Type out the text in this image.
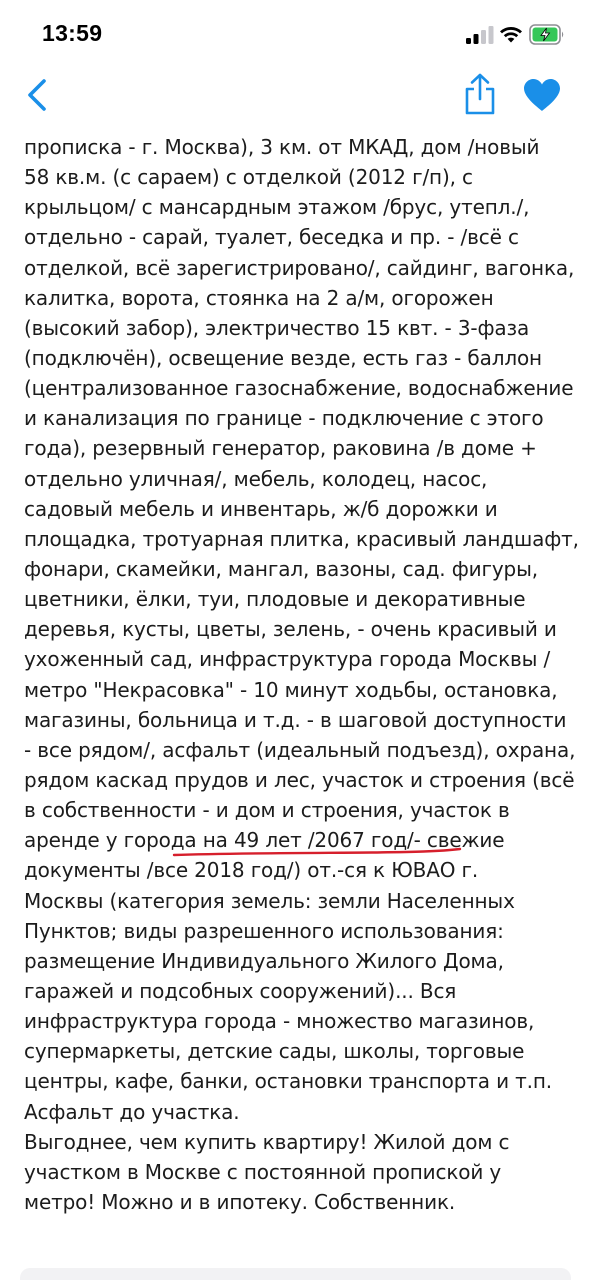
13:59
прописка - г. Москва), 3 км. от МКАД, дом /новый
58 кв.м. (с сараем) с отделкой (2012 г/п), с
крыльцом/ с мансардным этажом /брус, утепл./,
отдельно - сарай, туалет, беседка и пр. - /всё с
отделкой, всё зарегистрировано/, сайдинг, вагонка,
калитка, ворота, стоянка на 2 а/м, огорожен
(высокий забор), электричество 15 квт. - 3-фаза
(подключён), освещение везде, есть газ - баллон
(централизованное газоснабжение, водоснабжение
и канализация по границе - подключение с этого
года), резервный генератор, раковина /в доме +
отдельно уличная/, мебель, колодец, насос,
садовый мебель и инвентарь, ж/б дорожки и
площадка, тротуарная плитка, красивый ландшафт,
фонари, скамейки, мангал, вазоны, сад. фигуры,
цветники, ёлки, туи, плодовые и декоративные
деревья, кусты, цветы, зелень, - очень красивый и
ухоженный сад, инфраструктура города Москвы /
метро "Некрасовка" - 10 минут ходьбы, остановка,
магазины, больница и т.д. - в шаговой доступности
- все рядом/, асфальт (идеальный подъезд), охрана,
рядом каскад прудов и лес, участок и строения (всё
в собственности - и дом и строения, участок в
аренде у города на 49 лет /2067 год/- свежие
документы /все 2018 год/) от.-ся к ЮВАО г.
Москвы (категория земель: земли Населенных
Пунктов; виды разрешенного использования:
размещение Индивидуального Жилого Дома,
гаражей и подсобных сооружений)... Вся
инфраструктура города - множество магазинов,
супермаркеты, детские сады, школы, торговые
центры, кафе, банки, остановки транспорта и т.п.
Асфальт до участка.
Выгоднее, чем купить квартиру! Жилой дом с
участком в Москве с постоянной пропиской у
метро! Можно и в ипотеку. Собственник.
